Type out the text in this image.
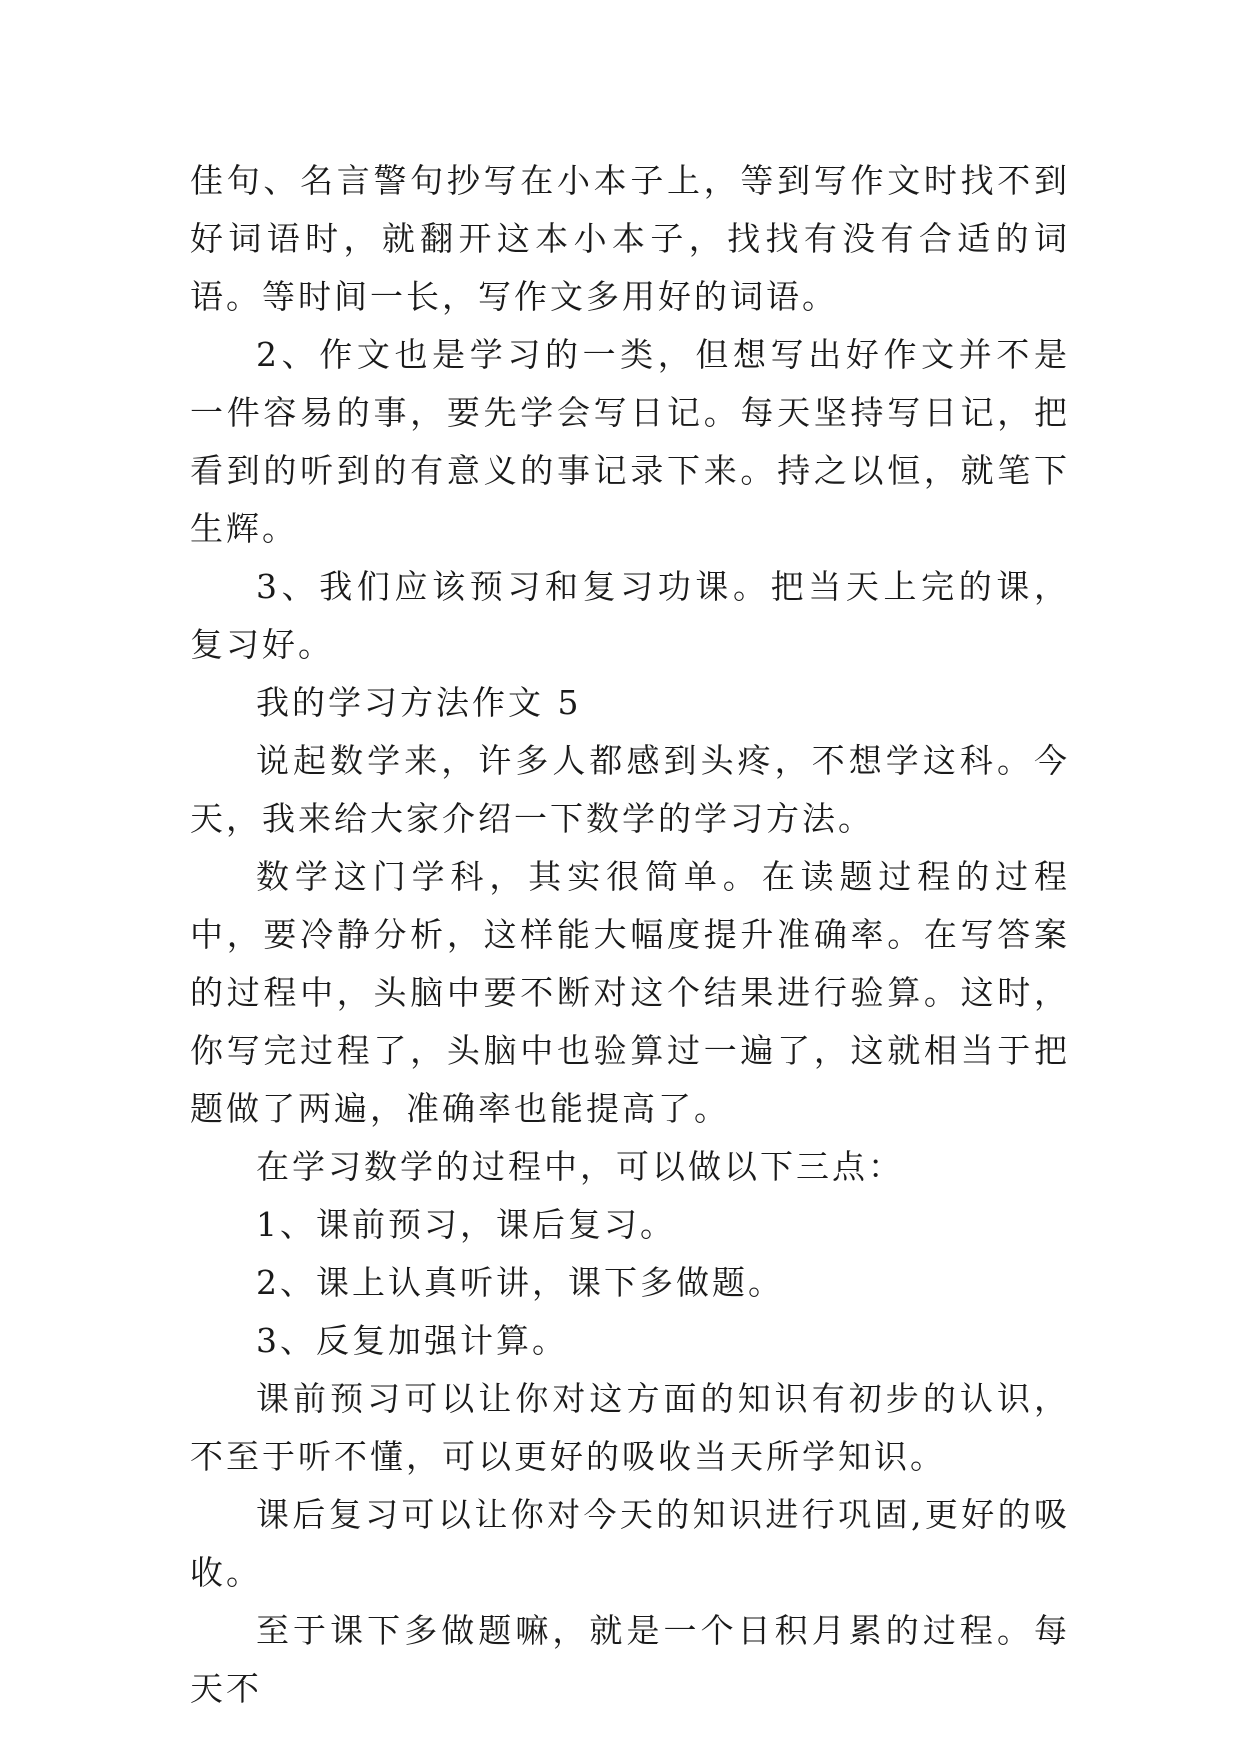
佳句、名言警句抄写在小本子上，等到写作文时找不到好词语时，就翻开这本小本子，找找有没有合适的词语。等时间一长，写作文多用好的词语。

2、作文也是学习的一类，但想写出好作文并不是一件容易的事，要先学会写日记。每天坚持写日记，把看到的听到的有意义的事记录下来。持之以恒，就笔下生辉。

3、我们应该预习和复习功课。把当天上完的课，复习好。

我的学习方法作文 5

说起数学来，许多人都感到头疼，不想学这科。今天，我来给大家介绍一下数学的学习方法。

数学这门学科，其实很简单。在读题过程的过程中，要冷静分析，这样能大幅度提升准确率。在写答案的过程中，头脑中要不断对这个结果进行验算。这时，你写完过程了，头脑中也验算过一遍了，这就相当于把题做了两遍，准确率也能提高了。

在学习数学的过程中，可以做以下三点：

1、课前预习，课后复习。

2、课上认真听讲，课下多做题。

3、反复加强计算。

课前预习可以让你对这方面的知识有初步的认识，不至于听不懂，可以更好的吸收当天所学知识。

课后复习可以让你对今天的知识进行巩固,更好的吸收。

至于课下多做题嘛，就是一个日积月累的过程。每天不
